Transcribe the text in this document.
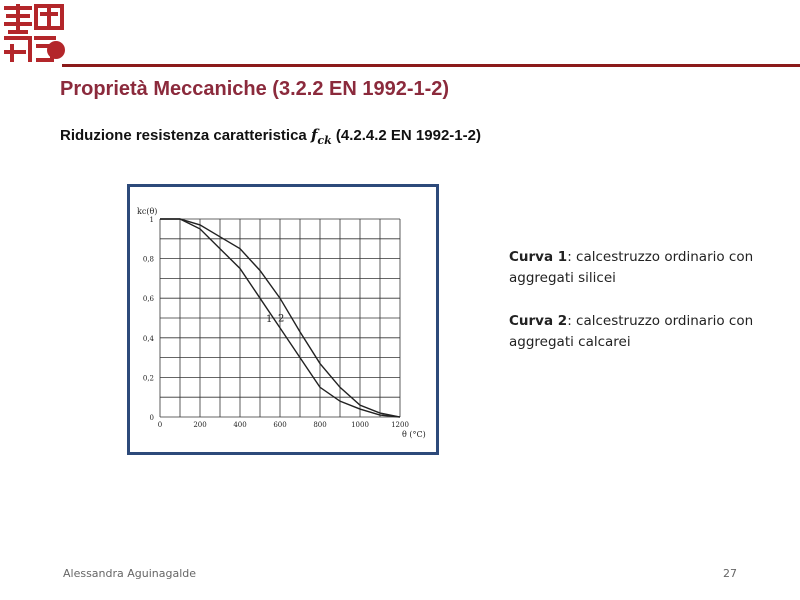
Proprietà Meccaniche (3.2.2 EN 1992-1-2)
Riduzione resistenza caratteristica $f_{ck}$ (4.2.4.2 EN 1992-1-2)
1 2
0	200	400	600	800	1000	1200
0
0,2
0,4
0,6
0,8
1
kc(θ)
θ (°C)

Curva 1: calcestruzzo ordinario con aggregati silicei

Curva 2: calcestruzzo ordinario con aggregati calcarei

Alessandra Aguinagalde	27
